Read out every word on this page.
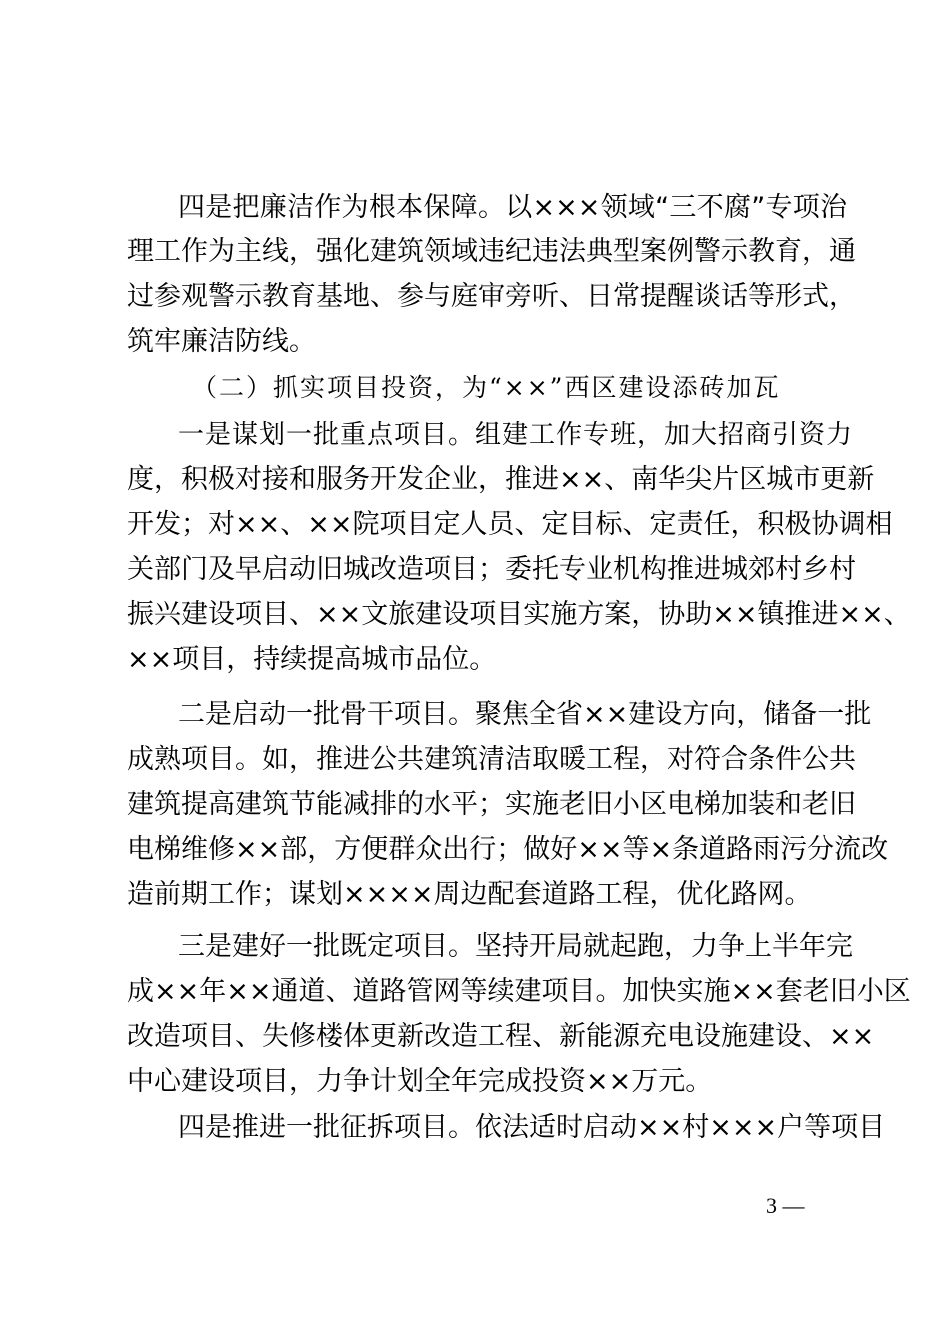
四是把廉洁作为根本保障。以×××领域“三不腐”专项治
理工作为主线，强化建筑领域违纪违法典型案例警示教育，通
过参观警示教育基地、参与庭审旁听、日常提醒谈话等形式，
筑牢廉洁防线。
（二）抓实项目投资，为“××”西区建设添砖加瓦
一是谋划一批重点项目。组建工作专班，加大招商引资力
度，积极对接和服务开发企业，推进××、南华尖片区城市更新
开发；对××、××院项目定人员、定目标、定责任，积极协调相
关部门及早启动旧城改造项目；委托专业机构推进城郊村乡村
振兴建设项目、××文旅建设项目实施方案，协助××镇推进××、
××项目，持续提高城市品位。
二是启动一批骨干项目。聚焦全省××建设方向，储备一批
成熟项目。如，推进公共建筑清洁取暖工程，对符合条件公共
建筑提高建筑节能减排的水平；实施老旧小区电梯加装和老旧
电梯维修××部，方便群众出行；做好××等×条道路雨污分流改
造前期工作；谋划××××周边配套道路工程，优化路网。
三是建好一批既定项目。坚持开局就起跑，力争上半年完
成××年××通道、道路管网等续建项目。加快实施××套老旧小区
改造项目、失修楼体更新改造工程、新能源充电设施建设、××
中心建设项目，力争计划全年完成投资××万元。
四是推进一批征拆项目。依法适时启动××村×××户等项目
3 —
